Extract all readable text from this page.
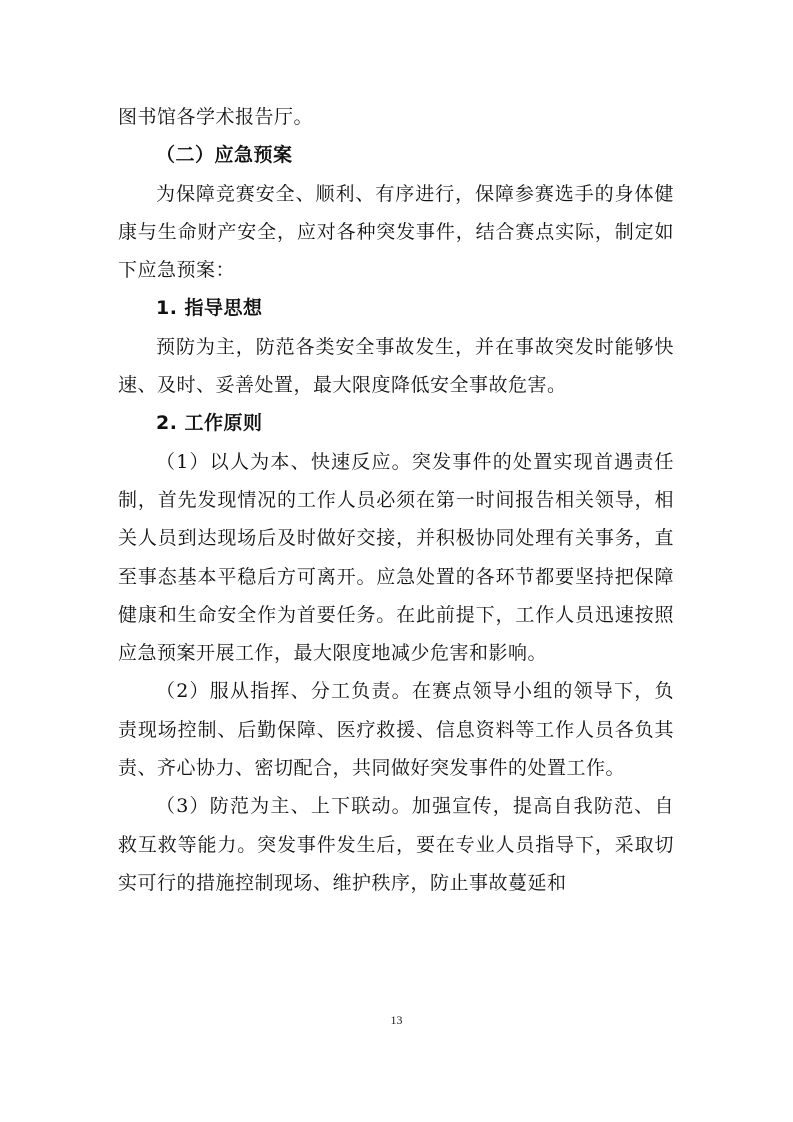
图书馆各学术报告厅。

（二）应急预案

为保障竞赛安全、顺利、有序进行，保障参赛选手的身体健康与生命财产安全，应对各种突发事件，结合赛点实际，制定如下应急预案：

1. 指导思想

预防为主，防范各类安全事故发生，并在事故突发时能够快速、及时、妥善处置，最大限度降低安全事故危害。

2. 工作原则

（1）以人为本、快速反应。突发事件的处置实现首遇责任制，首先发现情况的工作人员必须在第一时间报告相关领导，相关人员到达现场后及时做好交接，并积极协同处理有关事务，直至事态基本平稳后方可离开。应急处置的各环节都要坚持把保障健康和生命安全作为首要任务。在此前提下，工作人员迅速按照应急预案开展工作，最大限度地减少危害和影响。

（2）服从指挥、分工负责。在赛点领导小组的领导下，负责现场控制、后勤保障、医疗救援、信息资料等工作人员各负其责、齐心协力、密切配合，共同做好突发事件的处置工作。

（3）防范为主、上下联动。加强宣传，提高自我防范、自救互救等能力。突发事件发生后，要在专业人员指导下，采取切实可行的措施控制现场、维护秩序，防止事故蔓延和

13
